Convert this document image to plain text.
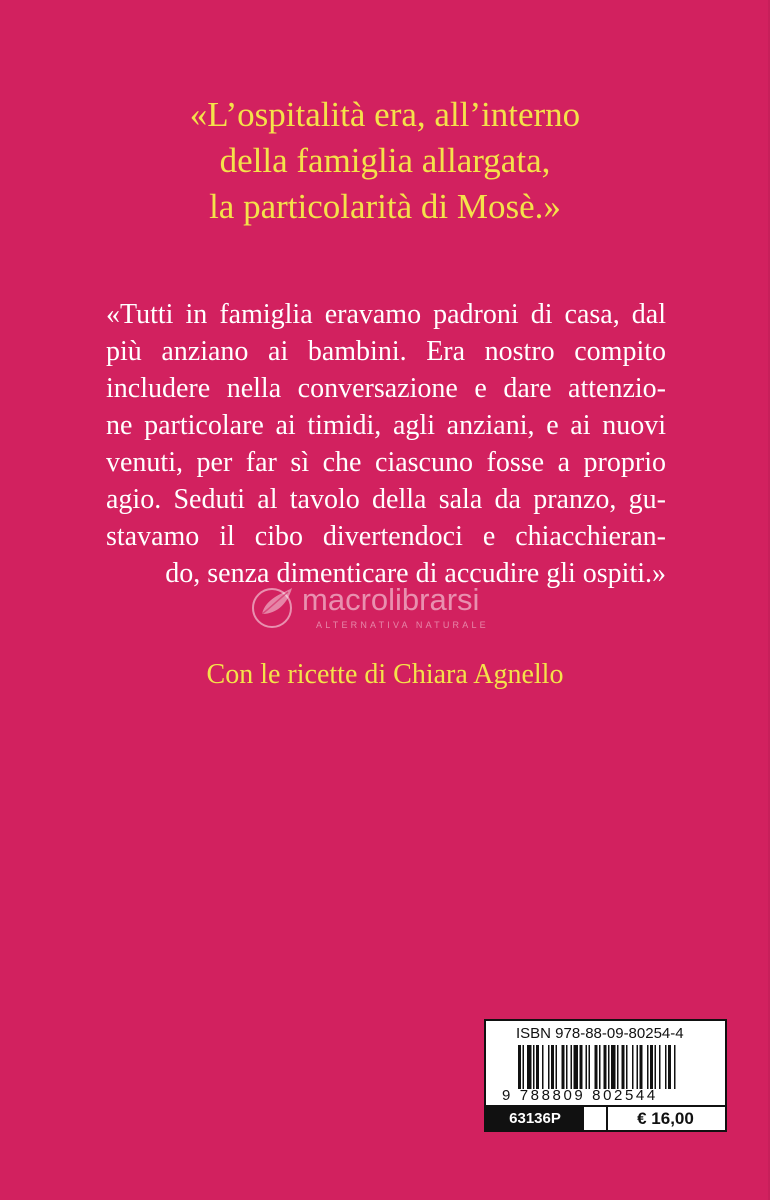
«L’ospitalità era, all’interno
della famiglia allargata,
la particolarità di Mosè.»
«Tutti in famiglia eravamo padroni di casa, dal
più anziano ai bambini. Era nostro compito
includere nella conversazione e dare attenzio-
ne particolare ai timidi, agli anziani, e ai nuovi
venuti, per far sì che ciascuno fosse a proprio
agio. Seduti al tavolo della sala da pranzo, gu-
stavamo il cibo divertendoci e chiacchieran-
do, senza dimenticare di accudire gli ospiti.»
macrolibrarsi
ALTERNATIVA NATURALE
Con le ricette di Chiara Agnello
ISBN 978-88-09-80254-4
9 788809 802544
63136P	€ 16,00
